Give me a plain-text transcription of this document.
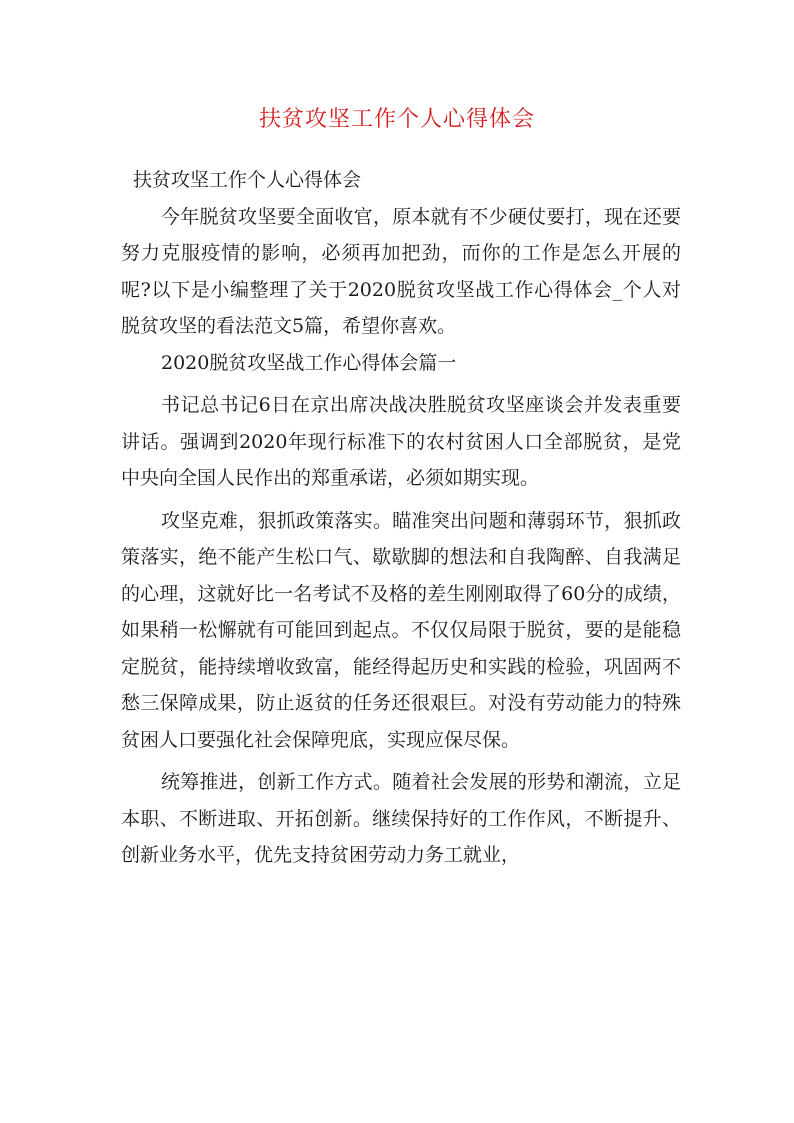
扶贫攻坚工作个人心得体会

扶贫攻坚工作个人心得体会

今年脱贫攻坚要全面收官，原本就有不少硬仗要打，现在还要努力克服疫情的影响，必须再加把劲，而你的工作是怎么开展的呢?以下是小编整理了关于2020脱贫攻坚战工作心得体会_个人对脱贫攻坚的看法范文5篇，希望你喜欢。

2020脱贫攻坚战工作心得体会篇一

书记总书记6日在京出席决战决胜脱贫攻坚座谈会并发表重要讲话。强调到2020年现行标准下的农村贫困人口全部脱贫，是党中央向全国人民作出的郑重承诺，必须如期实现。

攻坚克难，狠抓政策落实。瞄准突出问题和薄弱环节，狠抓政策落实，绝不能产生松口气、歇歇脚的想法和自我陶醉、自我满足的心理，这就好比一名考试不及格的差生刚刚取得了60分的成绩，如果稍一松懈就有可能回到起点。不仅仅局限于脱贫，要的是能稳定脱贫，能持续增收致富，能经得起历史和实践的检验，巩固两不愁三保障成果，防止返贫的任务还很艰巨。对没有劳动能力的特殊贫困人口要强化社会保障兜底，实现应保尽保。

统筹推进，创新工作方式。随着社会发展的形势和潮流，立足本职、不断进取、开拓创新。继续保持好的工作作风，不断提升、创新业务水平，优先支持贫困劳动力务工就业，
